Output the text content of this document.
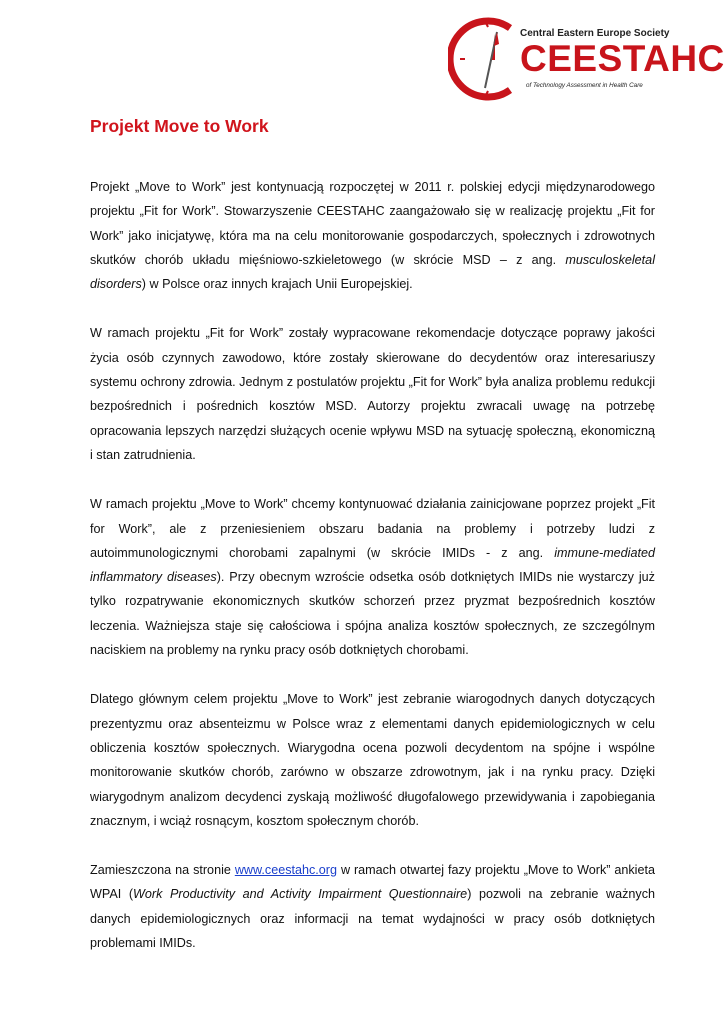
Central Eastern Europe Society
CEESTAHC
of Technology Assessment in Health Care
Projekt Move to Work

Projekt „Move to Work” jest kontynuacją rozpoczętej w 2011 r. polskiej edycji międzynarodowego projektu „Fit for Work”. Stowarzyszenie CEESTAHC zaangażowało się w realizację projektu „Fit for Work” jako inicjatywę, która ma na celu monitorowanie gospodarczych, społecznych i zdrowotnych skutków chorób układu mięśniowo-szkieletowego (w skrócie MSD – z ang. musculoskeletal disorders) w Polsce oraz innych krajach Unii Europejskiej.

W ramach projektu „Fit for Work” zostały wypracowane rekomendacje dotyczące poprawy jakości życia osób czynnych zawodowo, które zostały skierowane do decydentów oraz interesariuszy systemu ochrony zdrowia. Jednym z postulatów projektu „Fit for Work” była analiza problemu redukcji bezpośrednich i pośrednich kosztów MSD. Autorzy projektu zwracali uwagę na potrzebę opracowania lepszych narzędzi służących ocenie wpływu MSD na sytuację społeczną, ekonomiczną i stan zatrudnienia.

W ramach projektu „Move to Work” chcemy kontynuować działania zainicjowane poprzez projekt „Fit for Work”, ale z przeniesieniem obszaru badania na problemy i potrzeby ludzi z autoimmunologicznymi chorobami zapalnymi (w skrócie IMIDs - z ang. immune-mediated inflammatory diseases). Przy obecnym wzroście odsetka osób dotkniętych IMIDs nie wystarczy już tylko rozpatrywanie ekonomicznych skutków schorzeń przez pryzmat bezpośrednich kosztów leczenia. Ważniejsza staje się całościowa i spójna analiza kosztów społecznych, ze szczególnym naciskiem na problemy na rynku pracy osób dotkniętych chorobami.

Dlatego głównym celem projektu „Move to Work” jest zebranie wiarogodnych danych dotyczących prezentyzmu oraz absenteizmu w Polsce wraz z elementami danych epidemiologicznych w celu obliczenia kosztów społecznych. Wiarygodna ocena pozwoli decydentom na spójne i wspólne monitorowanie skutków chorób, zarówno w obszarze zdrowotnym, jak i na rynku pracy. Dzięki wiarygodnym analizom decydenci zyskają możliwość długofalowego przewidywania i zapobiegania znacznym, i wciąż rosnącym, kosztom społecznym chorób.

Zamieszczona na stronie www.ceestahc.org w ramach otwartej fazy projektu „Move to Work” ankieta WPAI (Work Productivity and Activity Impairment Questionnaire) pozwoli na zebranie ważnych danych epidemiologicznych oraz informacji na temat wydajności w pracy osób dotkniętych problemami IMIDs.
